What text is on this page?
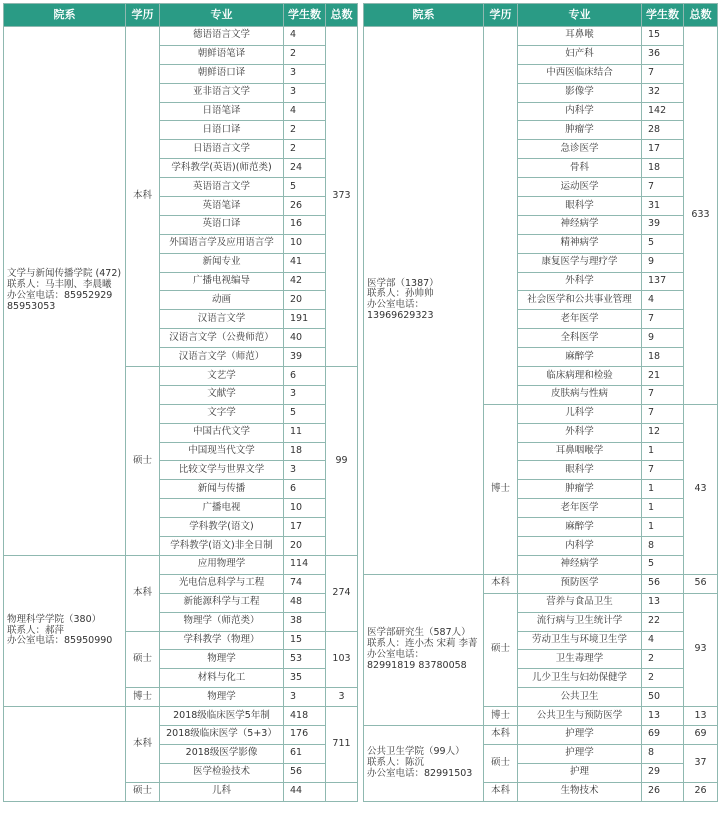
院系	学历	专业	学生数	总数

文学与新闻传播学院 (472)
联系人：马丰刚、李晨曦
办公室电话：85952929
85953053	本科	德语语言文学	4	373
		朝鲜语笔译	2	
		朝鲜语口译	3	
		亚非语言文学	3	
		日语笔译	4	
		日语口译	2	
		日语语言文学	2	
		学科教学(英语)(师范类)	24	
		英语语言文学	5	
		英语笔译	26	
		英语口译	16	
		外国语言学及应用语言学	10	
		新闻专业	41	
		广播电视编导	42	
		动画	20	
		汉语言文学	191	
		汉语言文学（公费师范）	40	
		汉语言文学（师范）	39	
	硕士	文艺学	6	99
		文献学	3	
		文字学	5	
		中国古代文学	11	
		中国现当代文学	18	
		比较文学与世界文学	3	
		新闻与传播	6	
		广播电视	10	
		学科教学(语文)	17	
		学科教学(语文)非全日制	20	

物理科学学院（380）
联系人：郝萍
办公室电话：85950990	本科	应用物理学	114	274
		光电信息科学与工程	74	
		新能源科学与工程	48	
		物理学（师范类）	38	
	硕士	学科教学（物理）	15	103
		物理学	53	
		材料与化工	35	
	博士	物理学	3	3
	本科	2018级临床医学5年制	418	711
		2018级临床医学（5+3）	176	
		2018级医学影像	61	
		医学检验技术	56	
	硕士	儿科	44	
院系	学历	专业	学生数	总数

医学部（1387）
联系人：孙帅帅
办公室电话：13969629323		耳鼻喉	15	633
		妇产科	36	
		中西医临床结合	7	
		影像学	32	
		内科学	142	
		肿瘤学	28	
		急诊医学	17	
		骨科	18	
		运动医学	7	
		眼科学	31	
		神经病学	39	
		精神病学	5	
		康复医学与理疗学	9	
		外科学	137	
		社会医学和公共事业管理	4	
		老年医学	7	
		全科医学	9	
		麻醉学	18	
		临床病理和检验	21	
		皮肤病与性病	7	
	博士	儿科学	7	43
		外科学	12	
		耳鼻咽喉学	1	
		眼科学	7	
		肿瘤学	1	
		老年医学	1	
		麻醉学	1	
		内科学	8	
		神经病学	5	

医学部研究生（587人）
联系人：连小杰 宋莉 李菁
办公室电话：
82991819 83780058	本科	预防医学	56	56
	硕士	营养与食品卫生	13	93
		流行病与卫生统计学	22	
		劳动卫生与环境卫生学	4	
		卫生毒理学	2	
		儿少卫生与妇幼保健学	2	
		公共卫生	50	
	博士	公共卫生与预防医学	13	13

公共卫生学院（99人）
联系人：陈沉
办公室电话：82991503	本科	护理学	69	69
	硕士	护理学	8	37
		护理	29	
	本科	生物技术	26	26
